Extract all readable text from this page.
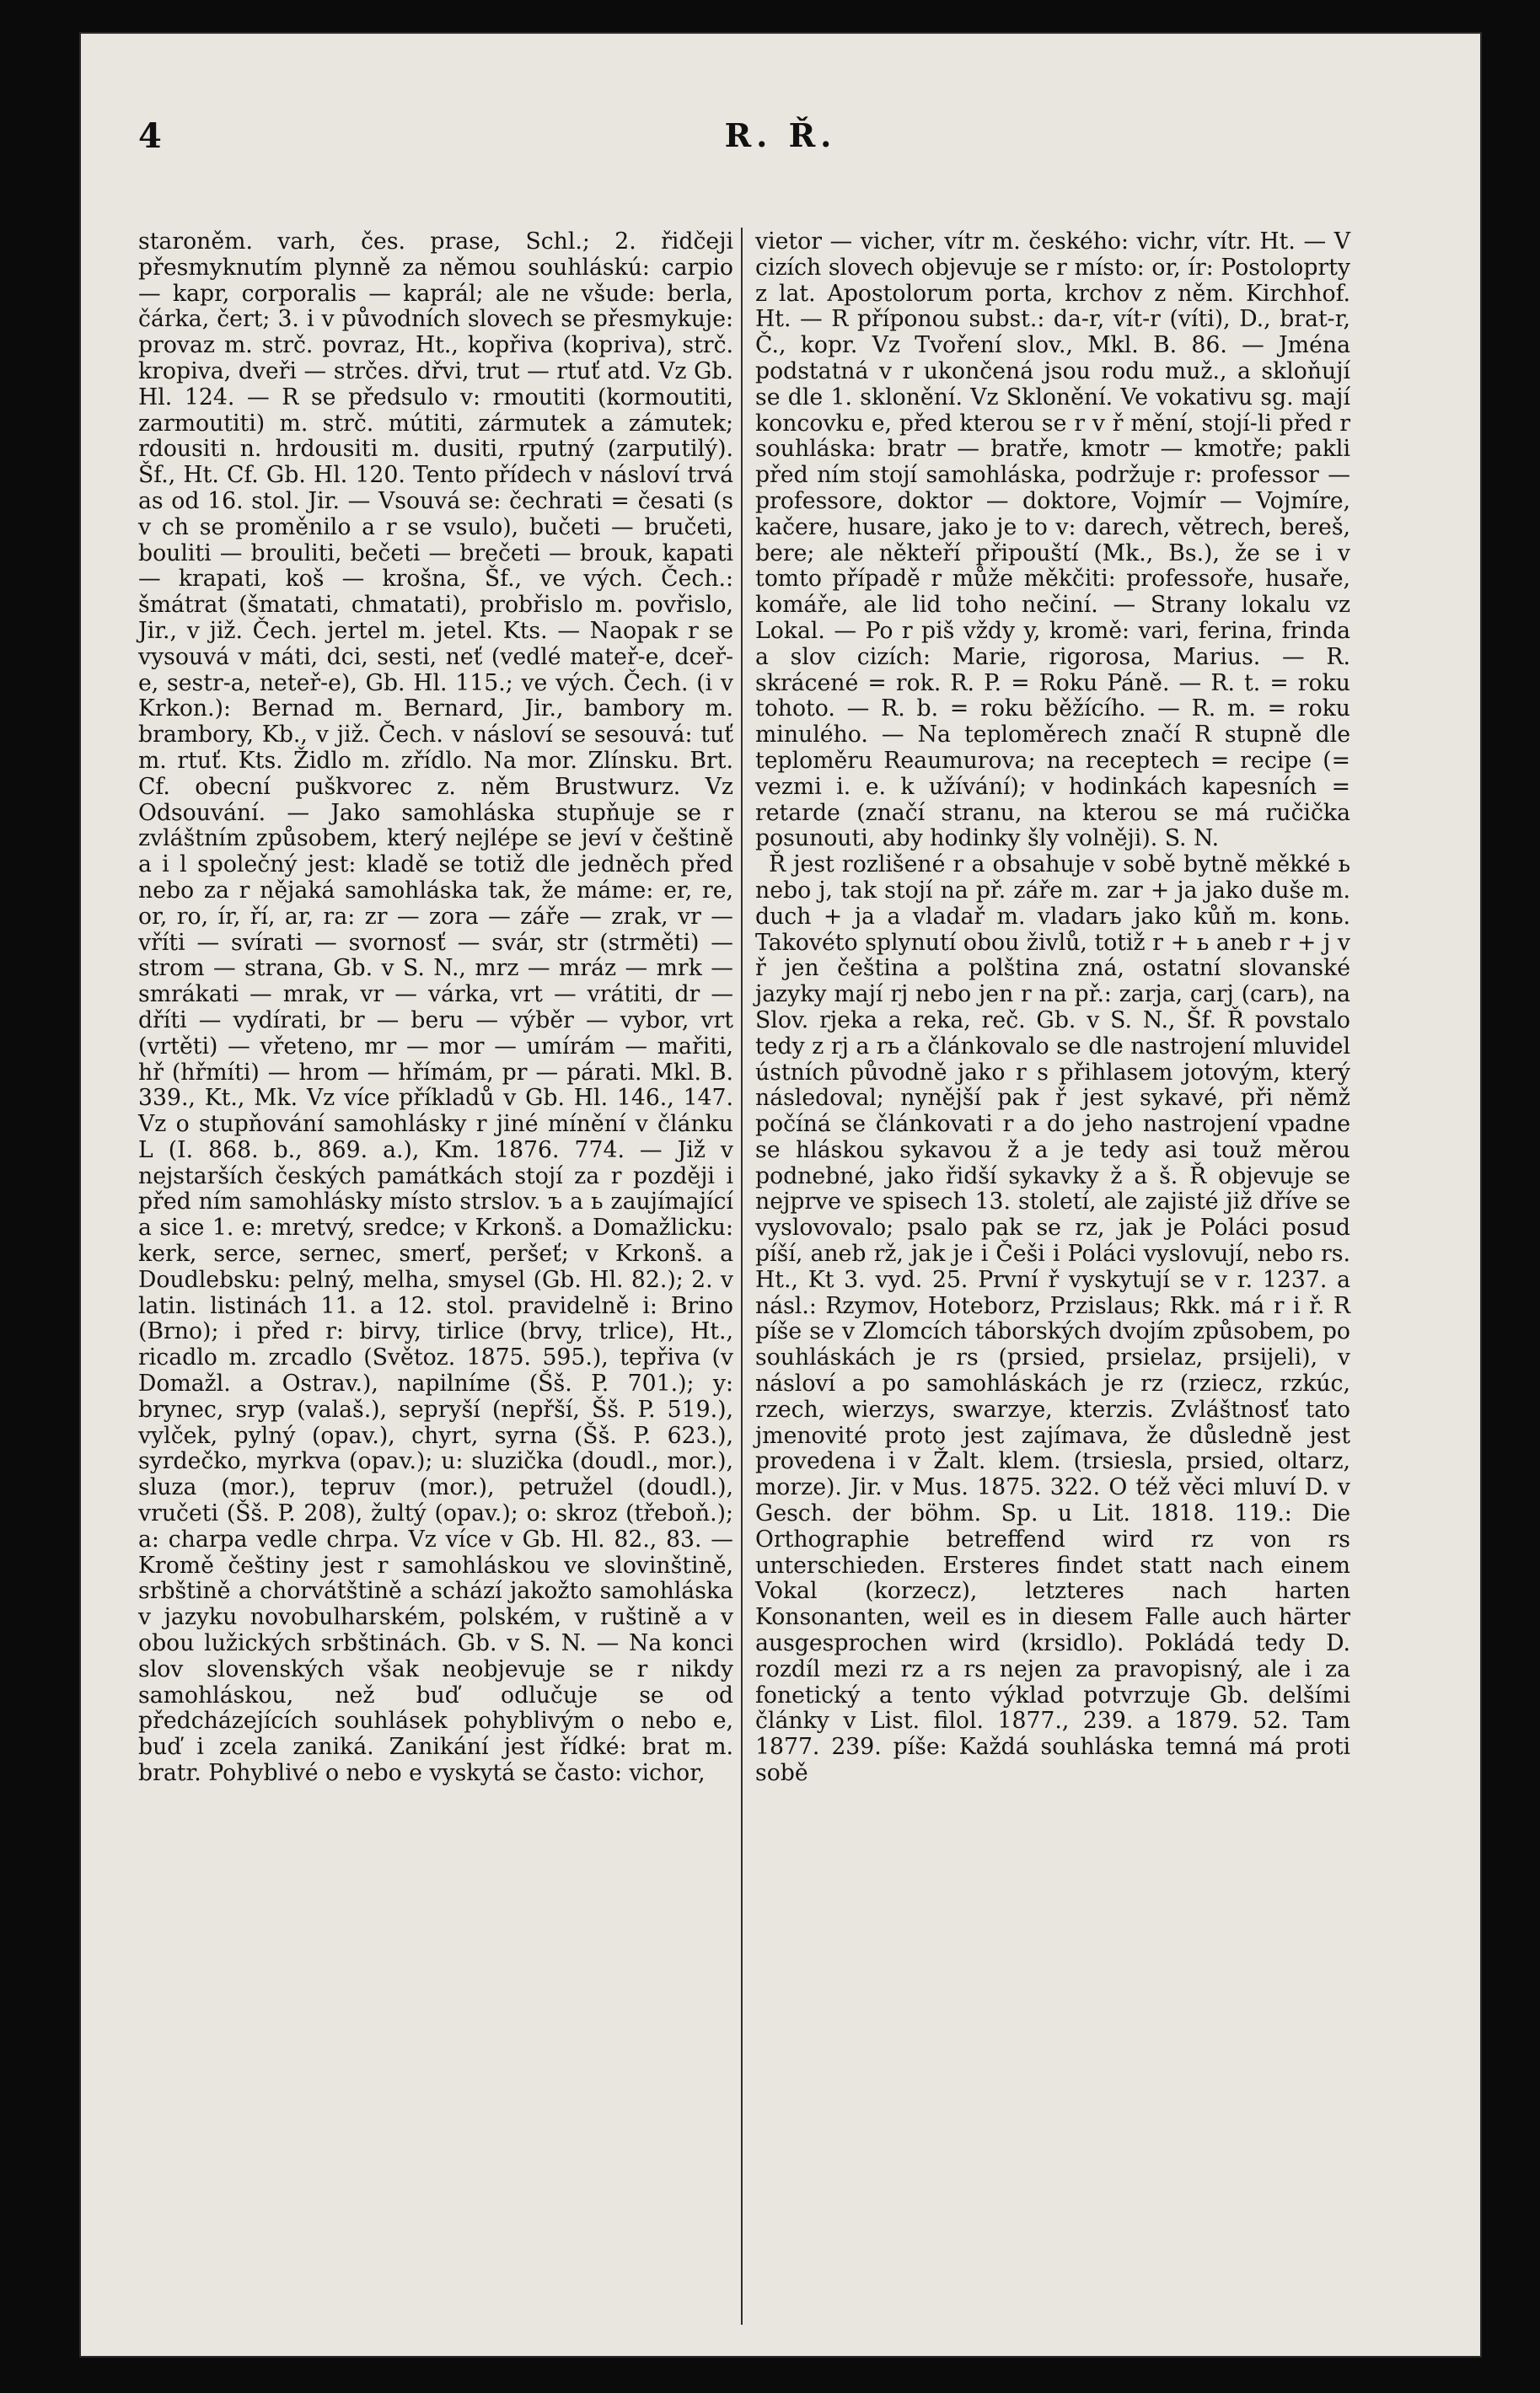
4	R. Ř.

staroněm. varh, čes. prase, Schl.; 2. řidčeji přesmyknutím plynně za němou souhláskú: carpio — kapr, corporalis — kaprál; ale ne všude: berla, čárka, čert; 3. i v původních slovech se přesmykuje: provaz m. strč. povraz, Ht., kopřiva (kopriva), strč. kropiva, dveři — strčes. dřvi, trut — rtuť atd. Vz Gb. Hl. 124. — R se předsulo v: rmoutiti (kormoutiti, zarmoutiti) m. strč. mútiti, zármutek a zámutek; rdousiti n. hrdousiti m. dusiti, rputný (zarputilý). Šf., Ht. Cf. Gb. Hl. 120. Tento přídech v násloví trvá as od 16. stol. Jir. — Vsouvá se: čechrati = česati (s v ch se proměnilo a r se vsulo), bučeti — bručeti, bouliti — brouliti, bečeti — brečeti — brouk, kapati — krapati, koš — krošna, Šf., ve vých. Čech.: šmátrat (šmatati, chmatati), probřislo m. povřislo, Jir., v již. Čech. jertel m. jetel. Kts. — Naopak r se vysouvá v máti, dci, sesti, neť (vedlé mateř-e, dceř-e, sestr-a, neteř-e), Gb. Hl. 115.; ve vých. Čech. (i v Krkon.): Bernad m. Bernard, Jir., bambory m. brambory, Kb., v již. Čech. v násloví se sesouvá: tuť m. rtuť. Kts. Židlo m. zřídlo. Na mor. Zlínsku. Brt. Cf. obecní puškvorec z. něm Brustwurz. Vz Odsouvání. — Jako samohláska stupňuje se r zvláštním způsobem, který nejlépe se jeví v češtině a i l společný jest: kladě se totiž dle jedněch před nebo za r nějaká samohláska tak, že máme: er, re, or, ro, ír, ří, ar, ra: zr — zora — záře — zrak, vr — vříti — svírati — svornosť — svár, str (strměti) — strom — strana, Gb. v S. N., mrz — mráz — mrk — smrákati — mrak, vr — várka, vrt — vrátiti, dr — dříti — vydírati, br — beru — výběr — vybor, vrt (vrtěti) — vřeteno, mr — mor — umírám — mařiti, hř (hřmíti) — hrom — hřímám, pr — párati. Mkl. B. 339., Kt., Mk. Vz více příkladů v Gb. Hl. 146., 147. Vz o stupňování samohlásky r jiné mínění v článku L (I. 868. b., 869. a.), Km. 1876. 774. — Již v nejstarších českých památkách stojí za r později i před ním samohlásky místo strslov. ъ a ь zaujímající a sice 1. e: mretvý, sredce; v Krkonš. a Domažlicku: kerk, serce, sernec, smerť, peršeť; v Krkonš. a Doudlebsku: pelný, melha, smysel (Gb. Hl. 82.); 2. v latin. listinách 11. a 12. stol. pravidelně i: Brino (Brno); i před r: birvy, tirlice (brvy, trlice), Ht., ricadlo m. zrcadlo (Světoz. 1875. 595.), tepřiva (v Domažl. a Ostrav.), napilníme (Šš. P. 701.); y: brynec, sryp (valaš.), sepryší (nepřší, Šš. P. 519.), vylček, pylný (opav.), chyrt, syrna (Šš. P. 623.), syrdečko, myrkva (opav.); u: sluzička (doudl., mor.), sluza (mor.), tepruv (mor.), petružel (doudl.), vručeti (Šš. P. 208), žultý (opav.); o: skroz (třeboň.); a: charpa vedle chrpa. Vz více v Gb. Hl. 82., 83. — Kromě češtiny jest r samohláskou ve slovinštině, srbštině a chorvátštině a schází jakožto samohláska v jazyku novobulharském, polském, v ruštině a v obou lužických srbštinách. Gb. v S. N. — Na konci slov slovenských však neobjevuje se r nikdy samohláskou, než buď odlučuje se od předcházejících souhlásek pohyblivým o nebo e, buď i zcela zaniká. Zanikání jest řídké: brat m. bratr. Pohyblivé o nebo e vyskytá se často: vichor,

vietor — vicher, vítr m. českého: vichr, vítr. Ht. — V cizích slovech objevuje se r místo: or, ír: Postoloprty z lat. Apostolorum porta, krchov z něm. Kirchhof. Ht. — R příponou subst.: da-r, vít-r (víti), D., brat-r, Č., kopr. Vz Tvoření slov., Mkl. B. 86. — Jména podstatná v r ukončená jsou rodu muž., a skloňují se dle 1. sklonění. Vz Sklonění. Ve vokativu sg. mají koncovku e, před kterou se r v ř mění, stojí-li před r souhláska: bratr — bratře, kmotr — kmotře; pakli před ním stojí samohláska, podržuje r: professor — professore, doktor — doktore, Vojmír — Vojmíre, kačere, husare, jako je to v: darech, větrech, bereš, bere; ale někteří připouští (Mk., Bs.), že se i v tomto případě r může měkčiti: professoře, husaře, komáře, ale lid toho nečiní. — Strany lokalu vz Lokal. — Po r piš vždy y, kromě: vari, ferina, frinda a slov cizích: Marie, rigorosa, Marius. — R. skrácené = rok. R. P. = Roku Páně. — R. t. = roku tohoto. — R. b. = roku běžícího. — R. m. = roku minulého. — Na teploměrech značí R stupně dle teploměru Reaumurova; na receptech = recipe (= vezmi i. e. k užívání); v hodinkách kapesních = retarde (značí stranu, na kterou se má ručička posunouti, aby hodinky šly volněji). S. N.

Ř jest rozlišené r a obsahuje v sobě bytně měkké ь nebo j, tak stojí na př. záře m. zar + ja jako duše m. duch + ja a vladař m. vladarь jako kůň m. konь. Takovéto splynutí obou živlů, totiž r + ь aneb r + j v ř jen čeština a polština zná, ostatní slovanské jazyky mají rj nebo jen r na př.: zarja, carj (carь), na Slov. rjeka a reka, reč. Gb. v S. N., Šf. Ř povstalo tedy z rj a rь a článkovalo se dle nastrojení mluvidel ústních původně jako r s přihlasem jotovým, který následoval; nynější pak ř jest sykavé, při němž počíná se článkovati r a do jeho nastrojení vpadne se hláskou sykavou ž a je tedy asi touž měrou podnebné, jako řidší sykavky ž a š. Ř objevuje se nejprve ve spisech 13. století, ale zajisté již dříve se vyslovovalo; psalo pak se rz, jak je Poláci posud píší, aneb rž, jak je i Češi i Poláci vyslovují, nebo rs. Ht., Kt 3. vyd. 25. První ř vyskytují se v r. 1237. a násl.: Rzymov, Hoteborz, Przislaus; Rkk. má r i ř. R píše se v Zlomcích táborských dvojím způsobem, po souhláskách je rs (prsied, prsielaz, prsijeli), v násloví a po samohláskách je rz (rziecz, rzkúc, rzech, wierzys, swarzye, kterzis. Zvláštnosť tato jmenovité proto jest zajímava, že důsledně jest provedena i v Žalt. klem. (trsiesla, prsied, oltarz, morze). Jir. v Mus. 1875. 322. O též věci mluví D. v Gesch. der böhm. Sp. u Lit. 1818. 119.: Die Orthographie betreffend wird rz von rs unterschieden. Ersteres findet statt nach einem Vokal (korzecz), letzteres nach harten Konsonanten, weil es in diesem Falle auch härter ausgesprochen wird (krsidlo). Pokládá tedy D. rozdíl mezi rz a rs nejen za pravopisný, ale i za fonetický a tento výklad potvrzuje Gb. delšími články v List. filol. 1877., 239. a 1879. 52. Tam 1877. 239. píše: Každá souhláska temná má proti sobě
